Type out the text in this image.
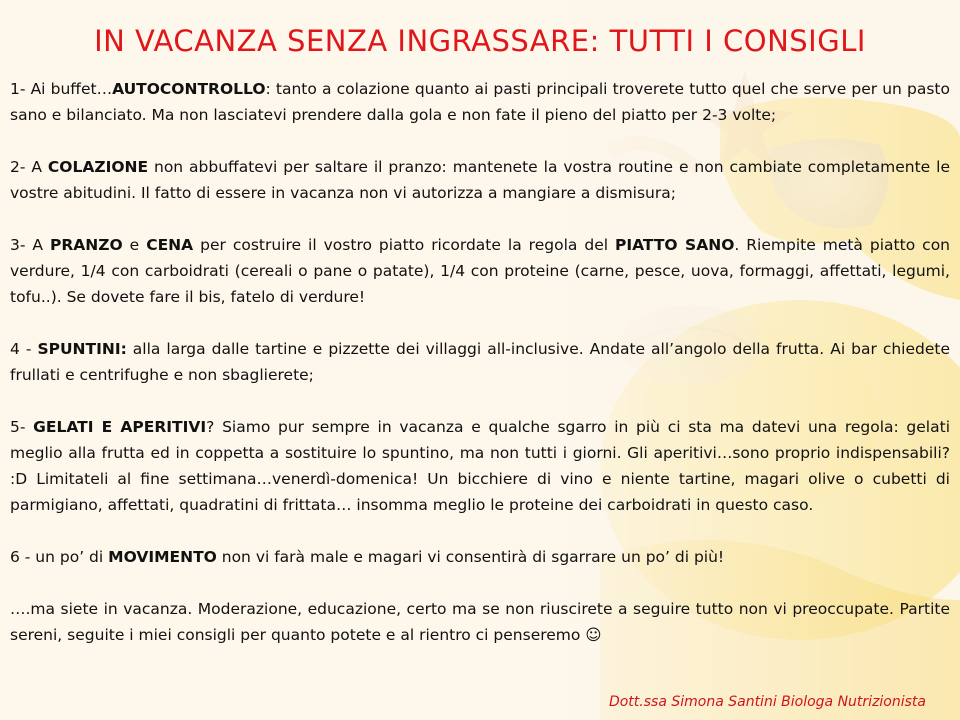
IN VACANZA SENZA INGRASSARE: TUTTI I CONSIGLI

1- Ai buffet…AUTOCONTROLLO: tanto a colazione quanto ai pasti principali troverete tutto quel che serve per un pasto sano e bilanciato. Ma non lasciatevi prendere dalla gola e non fate il pieno del piatto per 2-3 volte;

2- A COLAZIONE non abbuffatevi per saltare il pranzo: mantenete la vostra routine e non cambiate completamente le vostre abitudini. Il fatto di essere in vacanza non vi autorizza a mangiare a dismisura;

3- A PRANZO e CENA per costruire il vostro piatto ricordate la regola del PIATTO SANO. Riempite metà piatto con verdure, 1/4 con carboidrati (cereali o pane o patate), 1/4 con proteine (carne, pesce, uova, formaggi, affettati, legumi, tofu..). Se dovete fare il bis, fatelo di verdure!

4 - SPUNTINI: alla larga dalle tartine e pizzette dei villaggi all-inclusive. Andate all’angolo della frutta. Ai bar chiedete frullati e centrifughe e non sbaglierete;

5- GELATI E APERITIVI? Siamo pur sempre in vacanza e qualche sgarro in più ci sta ma datevi una regola: gelati meglio alla frutta ed in coppetta a sostituire lo spuntino, ma non tutti i giorni. Gli aperitivi…sono proprio indispensabili? :D Limitateli al fine settimana…venerdì-domenica! Un bicchiere di vino e niente tartine, magari olive o cubetti di parmigiano, affettati, quadratini di frittata… insomma meglio le proteine dei carboidrati in questo caso.

6 - un po’ di MOVIMENTO non vi farà male e magari vi consentirà di sgarrare un po’ di più!

….ma siete in vacanza. Moderazione, educazione, certo ma se non riuscirete a seguire tutto non vi preoccupate. Partite sereni, seguite i miei consigli per quanto potete e al rientro ci penseremo ☺

Dott.ssa Simona Santini Biologa Nutrizionista
